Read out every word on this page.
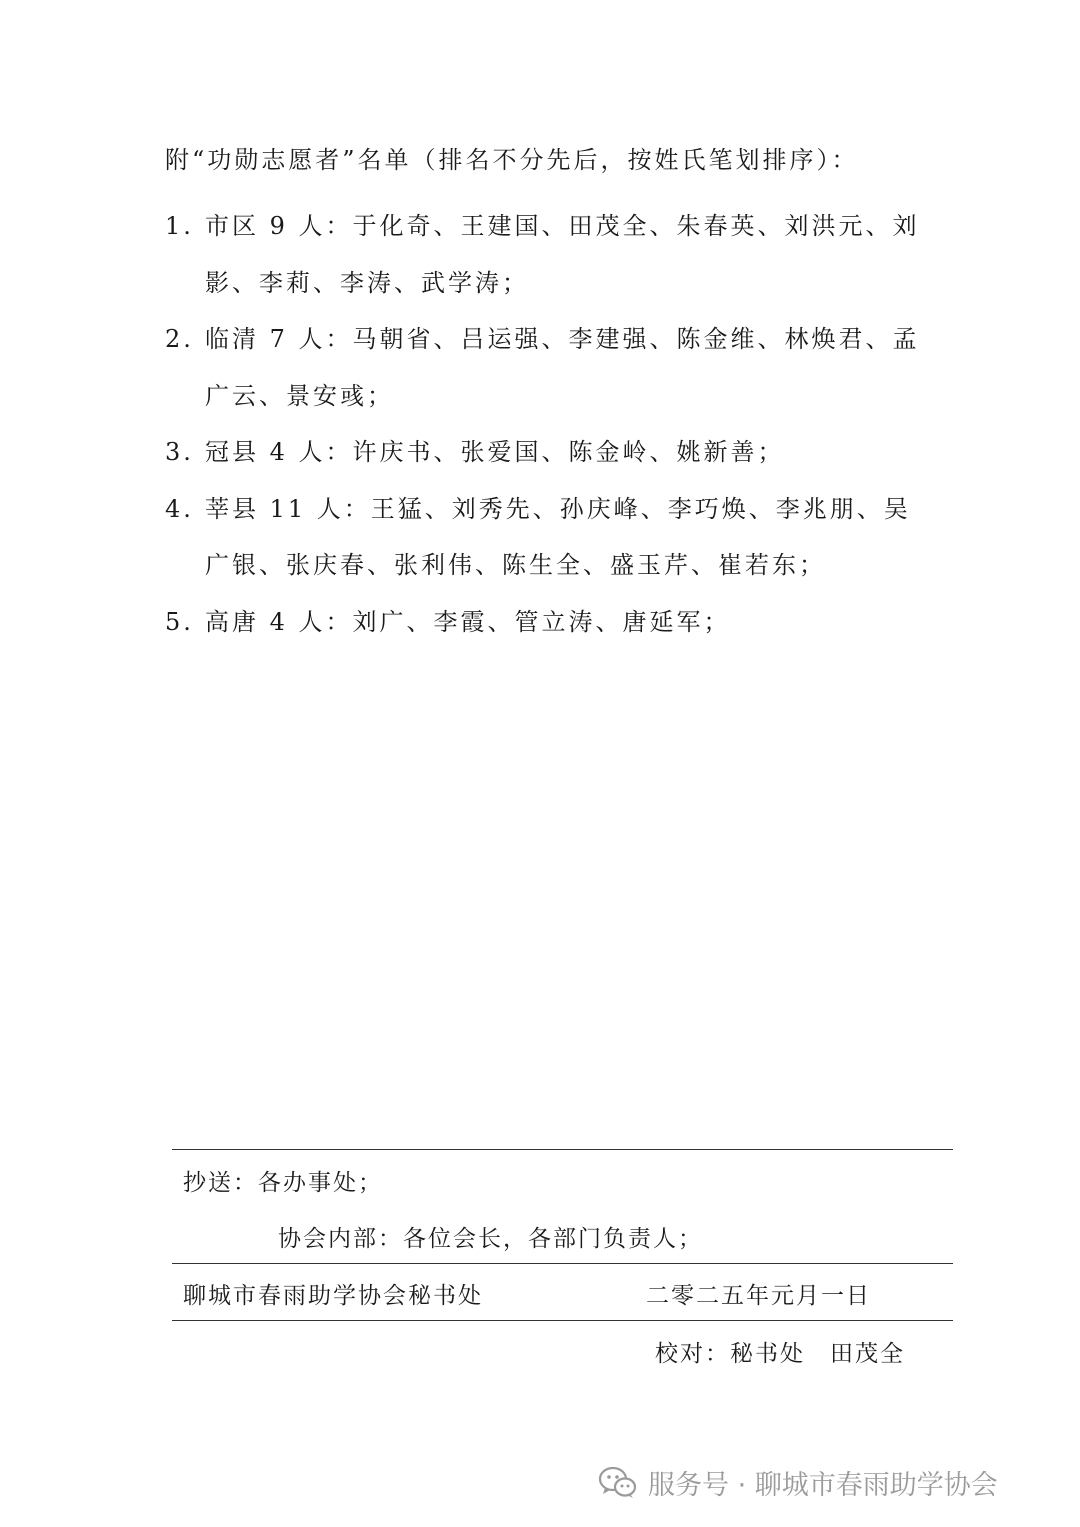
附“功勋志愿者”名单（排名不分先后，按姓氏笔划排序）：
1. 市区 9 人：于化奇、王建国、田茂全、朱春英、刘洪元、刘影、李莉、李涛、武学涛；
2. 临清 7 人：马朝省、吕运强、李建强、陈金维、林焕君、孟广云、景安彧；
3. 冠县 4 人：许庆书、张爱国、陈金岭、姚新善；
4. 莘县 11 人：王猛、刘秀先、孙庆峰、李巧焕、李兆朋、吴广银、张庆春、张利伟、陈生全、盛玉芹、崔若东；
5. 高唐 4 人：刘广、李霞、管立涛、唐延军；
抄送：各办事处；
协会内部：各位会长，各部门负责人；
聊城市春雨助学协会秘书处	二零二五年元月一日
校对：秘书处　田茂全
服务号 · 聊城市春雨助学协会
